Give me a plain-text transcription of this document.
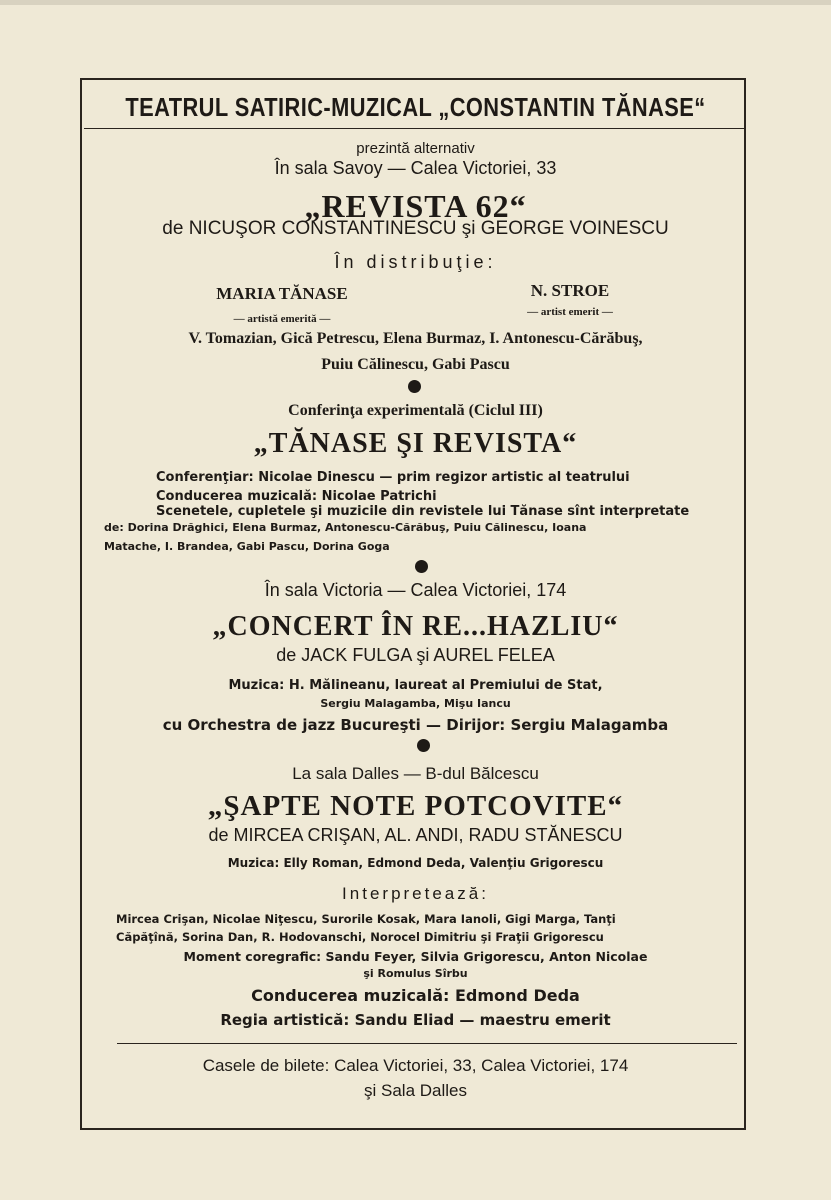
TEATRUL SATIRIC-MUZICAL „CONSTANTIN TĂNASE“
prezintă alternativ
În sala Savoy — Calea Victoriei, 33
„REVISTA 62“
de NICUŞOR CONSTANTINESCU şi GEORGE VOINESCU
În distribuţie:
MARIA TĂNASE
— artistă emerită —
N. STROE
— artist emerit —
V. Tomazian, Gică Petrescu, Elena Burmaz, I. Antonescu-Cărăbuş,
Puiu Călinescu, Gabi Pascu
Conferinţa experimentală (Ciclul III)
„TĂNASE ŞI REVISTA“
Conferenţiar: Nicolae Dinescu — prim regizor artistic al teatrului
Conducerea muzicală: Nicolae Patrichi
Scenetele, cupletele şi muzicile din revistele lui Tănase sînt interpretate
de: Dorina Drăghici, Elena Burmaz, Antonescu-Cărăbuş, Puiu Călinescu, Ioana
Matache, I. Brandea, Gabi Pascu, Dorina Goga
În sala Victoria — Calea Victoriei, 174
„CONCERT ÎN RE...HAZLIU“
de JACK FULGA şi AUREL FELEA
Muzica: H. Mălineanu, laureat al Premiului de Stat,
Sergiu Malagamba, Mişu Iancu
cu Orchestra de jazz Bucureşti — Dirijor: Sergiu Malagamba
La sala Dalles — B-dul Bălcescu
„ŞAPTE NOTE POTCOVITE“
de MIRCEA CRIŞAN, AL. ANDI, RADU STĂNESCU
Muzica: Elly Roman, Edmond Deda, Valenţiu Grigorescu
Interpretează:
Mircea Crişan, Nicolae Niţescu, Surorile Kosak, Mara Ianoli, Gigi Marga, Tanţi
Căpăţînă, Sorina Dan, R. Hodovanschi, Norocel Dimitriu şi Fraţii Grigorescu
Moment coregrafic: Sandu Feyer, Silvia Grigorescu, Anton Nicolae
şi Romulus Sîrbu
Conducerea muzicală: Edmond Deda
Regia artistică: Sandu Eliad — maestru emerit
Casele de bilete: Calea Victoriei, 33, Calea Victoriei, 174
şi Sala Dalles
